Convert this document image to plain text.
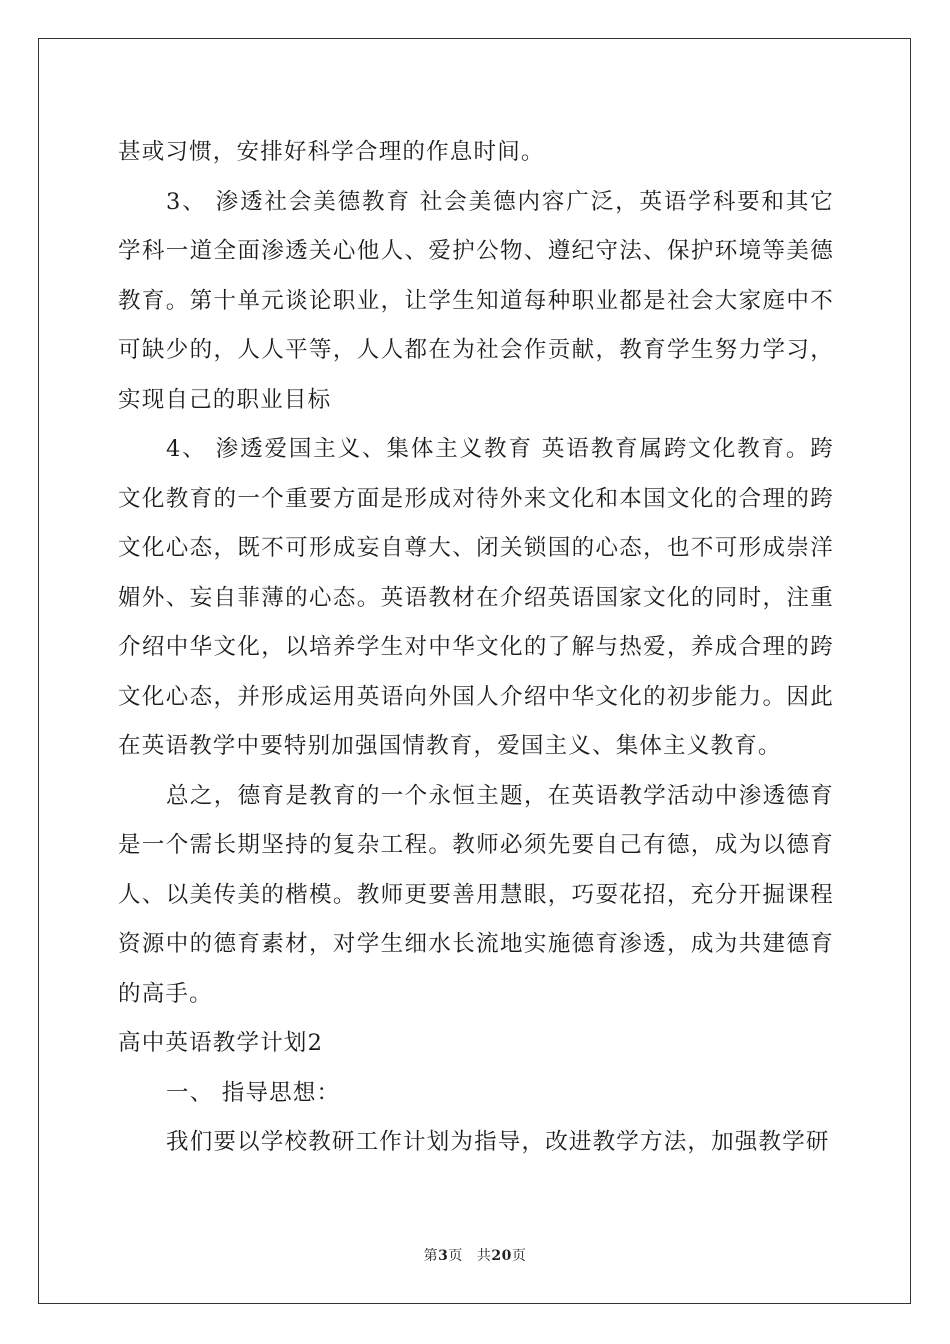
甚或习惯，安排好科学合理的作息时间。

3、 渗透社会美德教育 社会美德内容广泛，英语学科要和其它学科一道全面渗透关心他人、爱护公物、遵纪守法、保护环境等美德教育。第十单元谈论职业，让学生知道每种职业都是社会大家庭中不可缺少的，人人平等，人人都在为社会作贡献，教育学生努力学习，实现自己的职业目标

4、 渗透爱国主义、集体主义教育 英语教育属跨文化教育。跨文化教育的一个重要方面是形成对待外来文化和本国文化的合理的跨文化心态，既不可形成妄自尊大、闭关锁国的心态，也不可形成崇洋媚外、妄自菲薄的心态。英语教材在介绍英语国家文化的同时，注重介绍中华文化，以培养学生对中华文化的了解与热爱，养成合理的跨文化心态，并形成运用英语向外国人介绍中华文化的初步能力。因此在英语教学中要特别加强国情教育，爱国主义、集体主义教育。

总之，德育是教育的一个永恒主题，在英语教学活动中渗透德育是一个需长期坚持的复杂工程。教师必须先要自己有德，成为以德育人、以美传美的楷模。教师更要善用慧眼，巧耍花招，充分开掘课程资源中的德育素材，对学生细水长流地实施德育渗透，成为共建德育的高手。

高中英语教学计划2

一、 指导思想：

我们要以学校教研工作计划为指导，改进教学方法，加强教学研

第3页 共20页
